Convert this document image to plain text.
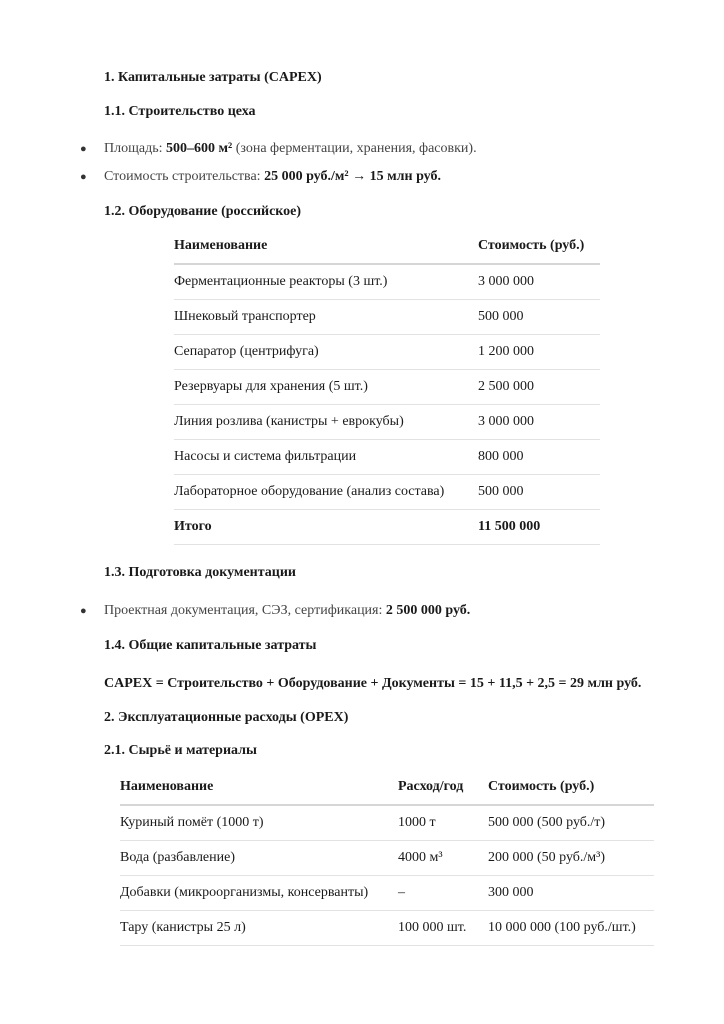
1. Капитальные затраты (CAPEX)
1.1. Строительство цеха
● Площадь: 500–600 м² (зона ферментации, хранения, фасовки).
● Стоимость строительства: 25 000 руб./м² → 15 млн руб.
1.2. Оборудование (российское)
Наименование	Стоимость (руб.)
Ферментационные реакторы (3 шт.)	3 000 000
Шнековый транспортер	500 000
Сепаратор (центрифуга)	1 200 000
Резервуары для хранения (5 шт.)	2 500 000
Линия розлива (канистры + еврокубы)	3 000 000
Насосы и система фильтрации	800 000
Лабораторное оборудование (анализ состава)	500 000
Итого	11 500 000
1.3. Подготовка документации
● Проектная документация, СЭЗ, сертификация: 2 500 000 руб.
1.4. Общие капитальные затраты
CAPEX = Строительство + Оборудование + Документы = 15 + 11,5 + 2,5 = 29 млн руб.
2. Эксплуатационные расходы (OPEX)
2.1. Сырьё и материалы
Наименование	Расход/год	Стоимость (руб.)
Куриный помёт (1000 т)	1000 т	500 000 (500 руб./т)
Вода (разбавление)	4000 м³	200 000 (50 руб./м³)
Добавки (микроорганизмы, консерванты)	–	300 000
Тару (канистры 25 л)	100 000 шт.	10 000 000 (100 руб./шт.)
